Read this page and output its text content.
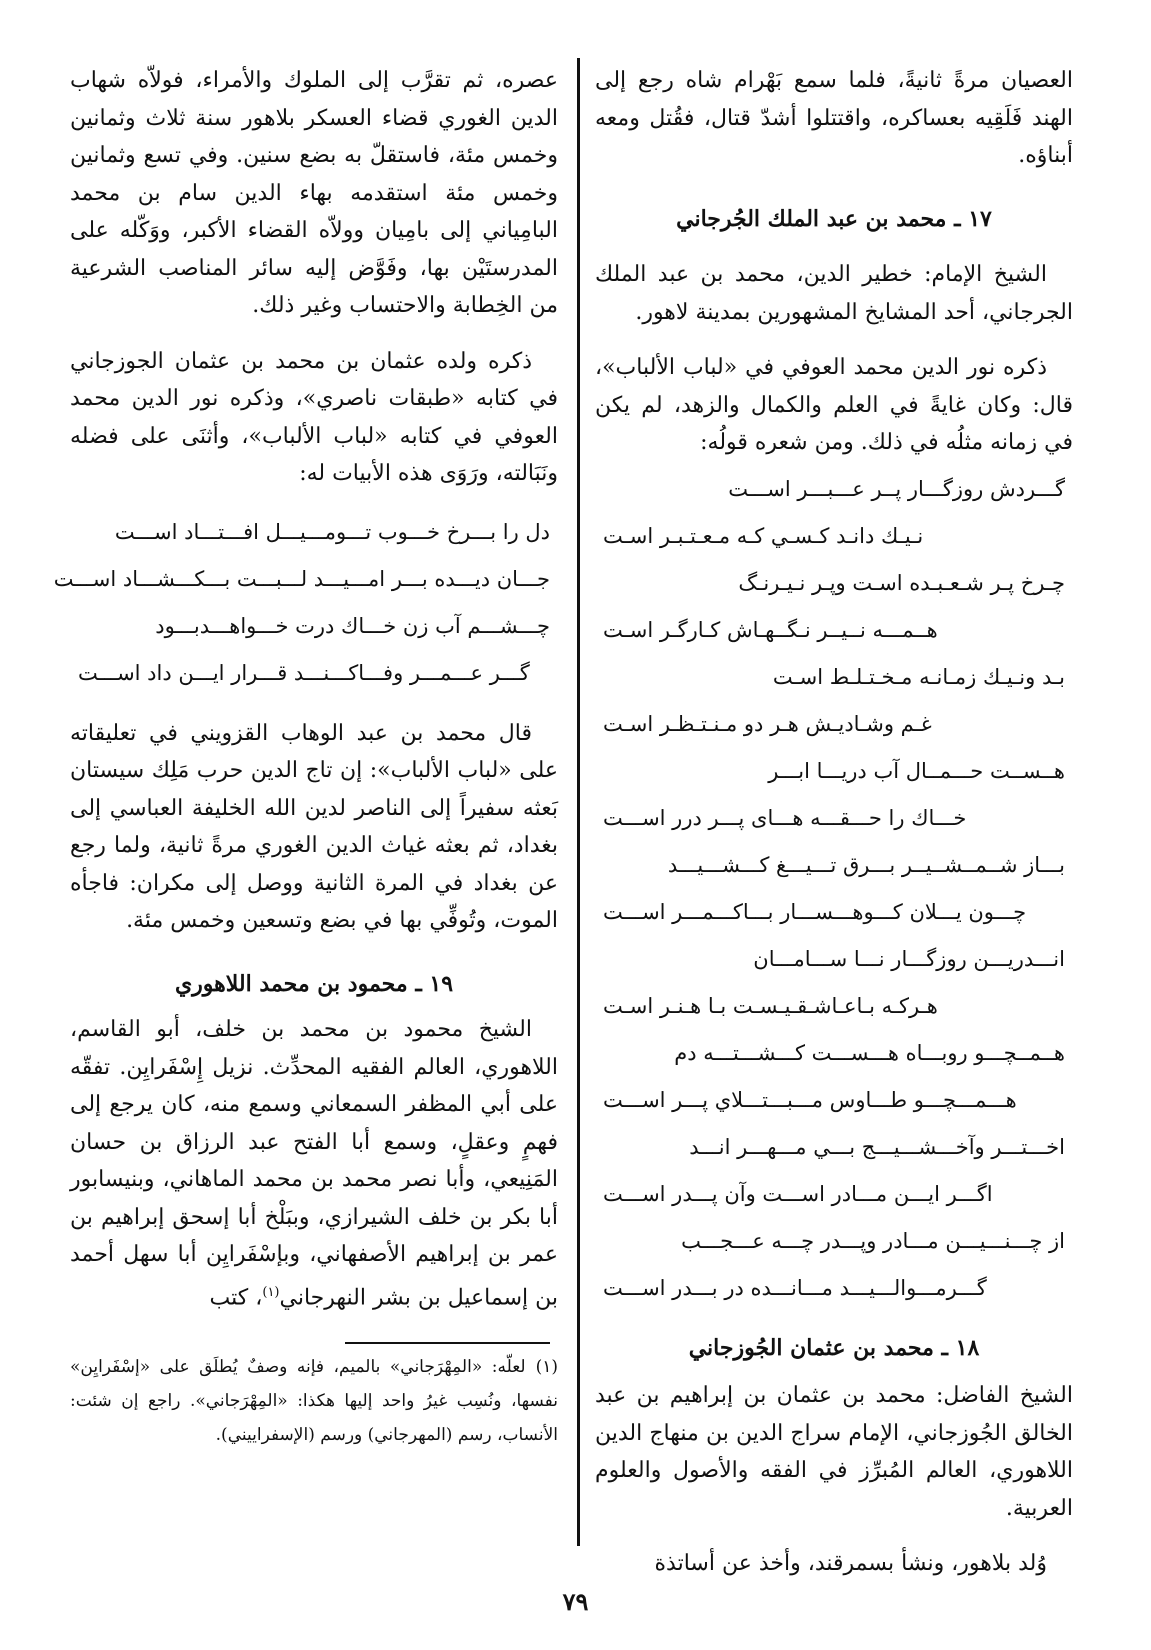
العصيان مرةً ثانيةً، فلما سمع بَهْرام شاه رجع إلى الهند فَلَقِيه بعساكره، واقتتلوا أشدّ قتال، فقُتل ومعه أبناؤه.

١٧ ـ محمد بن عبد الملك الجُرجاني

الشيخ الإمام: خطير الدين، محمد بن عبد الملك الجرجاني، أحد المشايخ المشهورين بمدينة لاهور.

ذكره نور الدين محمد العوفي في «لباب الألباب»، قال: وكان غايةً في العلم والكمال والزهد، لم يكن في زمانه مثلُه في ذلك. ومن شعره قولُه:

گـــردش روزگـــار پــر عـــبـــر اســـت

نـيـك دانـد كـسـي كـه مـعـتـبـر اسـت

چـرخ پـر شـعـبـده اسـت وپـر نـيـرنـگ

هــمـــه نــيــر نـگــهـاش كـارگـر اسـت

بـد ونـيـك زمـانـه مـخـتـلـط اسـت

غـم وشـاديـش هـر دو مـنـتـظـر اسـت

هــســت حـــمــال آب دريـــا ابـــر

خـــاك را حـــقـــه هـــاى پـــر درر اســـت

بـــاز شــمــشــيــر بـــرق تـــيـــغ كـــشـــيـــد

چـــون يـــلان كـــوهـــســـار بـــاكـــمـــر اســـت

انـــدريـــن روزگـــار نـــا ســـامـــان

هـركـه بـاعـاشـقـيـسـت بـا هـنـر اسـت

هــمــچـــو روبـــاه هـــســـت كـــشـــتـــه دم

هـــمـــچـــو طـــاوس مـــبـــتـــلاي پـــر اســـت

اخـــتـــر وآخـــشـــيـــج بـــي مـــهـــر انـــد

اگـــر ايـــن مـــادر اســـت وآن پـــدر اســـت

از چـــنـــيـــن مـــادر وپـــدر چـــه عـــجـــب

گـــرمـــوالـــيـــد مـــانـــده در بـــدر اســـت

١٨ ـ محمد بن عثمان الجُوزجاني

الشيخ الفاضل: محمد بن عثمان بن إبراهيم بن عبد الخالق الجُوزجاني، الإمام سراج الدين بن منهاج الدين اللاهوري، العالم المُبرِّز في الفقه والأصول والعلوم العربية.

وُلد بلاهور، ونشأ بسمرقند، وأخذ عن أساتذة

عصره، ثم تقرَّب إلى الملوك والأمراء، فولاّه شهاب الدين الغوري قضاء العسكر بلاهور سنة ثلاث وثمانين وخمس مئة، فاستقلّ به بضع سنين. وفي تسع وثمانين وخمس مئة استقدمه بهاء الدين سام بن محمد البامِياني إلى بامِيان وولاّه القضاء الأكبر، ووَكّله على المدرستَيْن بها، وفَوَّض إليه سائر المناصب الشرعية من الخِطابة والاحتساب وغير ذلك.

ذكره ولده عثمان بن محمد بن عثمان الجوزجاني في كتابه «طبقات ناصري»، وذكره نور الدين محمد العوفي في كتابه «لباب الألباب»، وأثنَى على فضله ونَبَالته، ورَوَى هذه الأبيات له:

دل را بـــرخ خـــوب تـــومـــيـــل افـــتـــاد اســـت

جـــان ديـــده بـــر امـــيـــد لـــبـــت بـــكـــشـــاد اســـت

چـــشـــم آب زن خـــاك درت خـــواهـــدبـــود

گـــر عـــمـــر وفـــاكـــنـــد قـــرار ايـــن داد اســـت

قال محمد بن عبد الوهاب القزويني في تعليقاته على «لباب الألباب»: إن تاج الدين حرب مَلِك سيستان بَعثه سفيراً إلى الناصر لدين الله الخليفة العباسي إلى بغداد، ثم بعثه غياث الدين الغوري مرةً ثانية، ولما رجع عن بغداد في المرة الثانية ووصل إلى مكران: فاجأه الموت، وتُوفِّي بها في بضع وتسعين وخمس مئة.

١٩ ـ محمود بن محمد اللاهوري

الشيخ محمود بن محمد بن خلف، أبو القاسم، اللاهوري، العالم الفقيه المحدِّث. نزيل إِسْفَرايِن. تفقّه على أبي المظفر السمعاني وسمع منه، كان يرجع إلى فهمٍ وعقلٍ، وسمع أبا الفتح عبد الرزاق بن حسان المَنِيعي، وأبا نصر محمد بن محمد الماهاني، وبنيسابور أبا بكر بن خلف الشيرازي، وببَلْخ أبا إسحق إبراهيم بن عمر بن إبراهيم الأصفهاني، وبإسْفَرايِن أبا سهل أحمد بن إسماعيل بن بشر النهرجاني$^{(١)}$، كتب

(١)لعلّه: «المِهْرَجاني» بالميم، فإنه وصفٌ يُطلَق على «إسْفَرايِن» نفسها، ونُسِب غيرُ واحد إليها هكذا: «المِهْرَجاني». راجع إن شئت: الأنساب، رسم (المهرجاني) ورسم (الإسفراييني).
٧٩
